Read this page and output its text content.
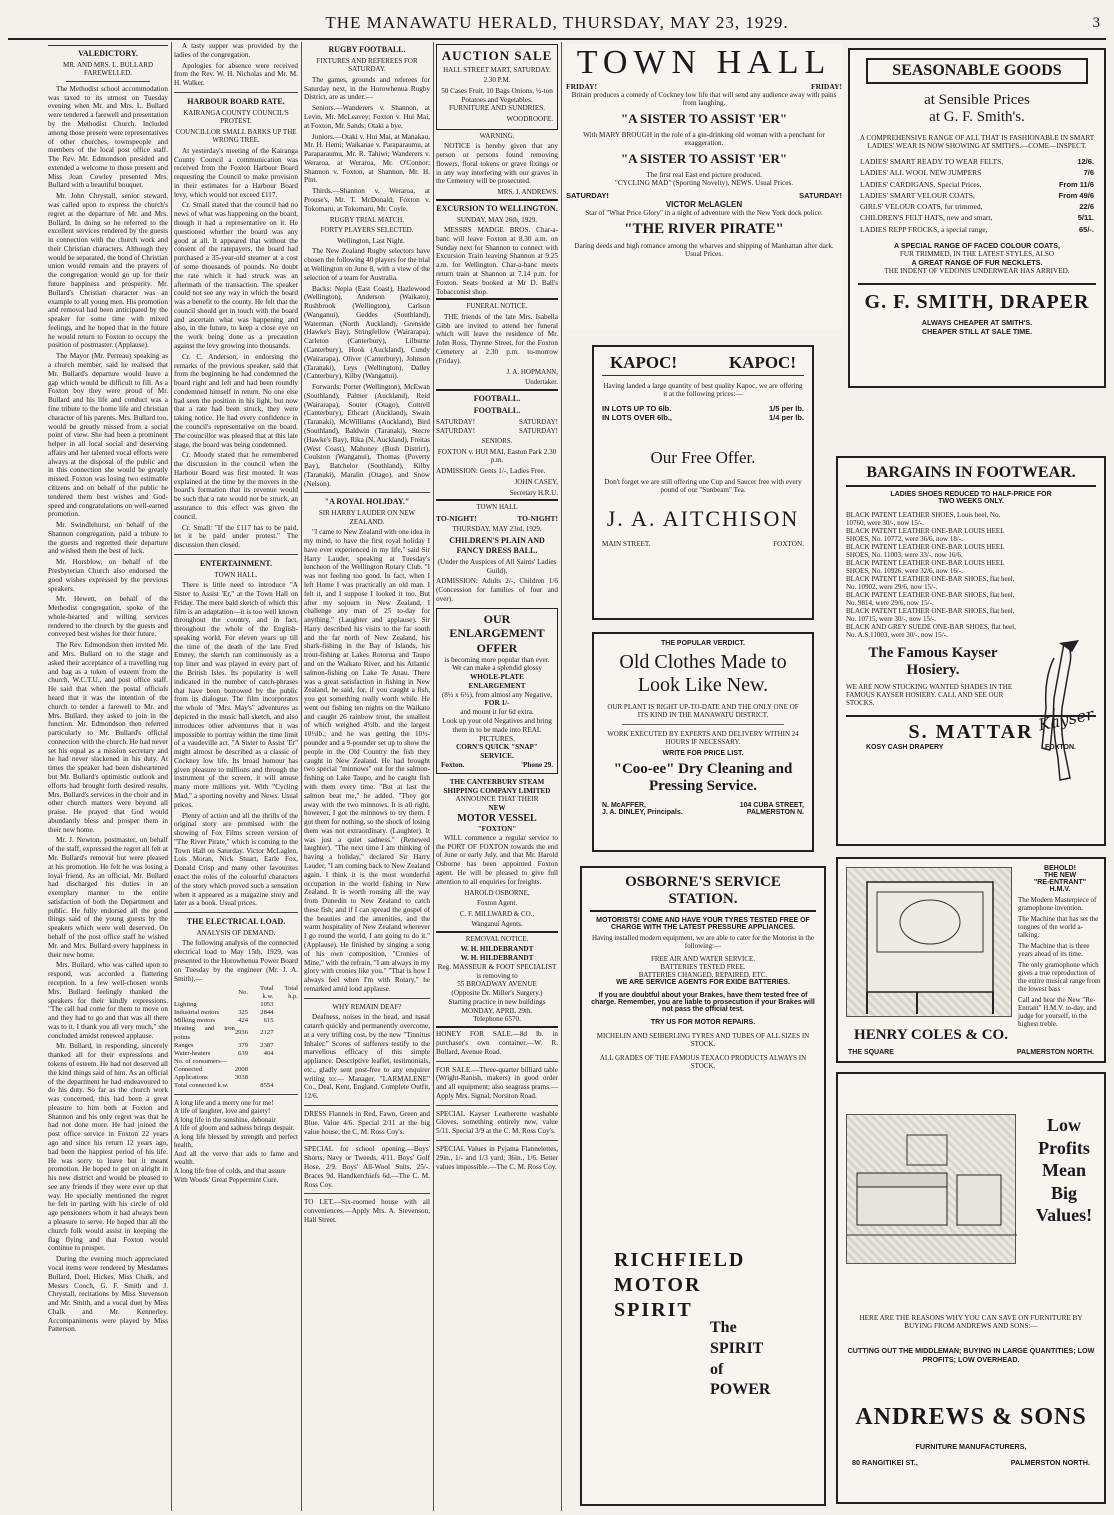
THE MANAWATU HERALD, THURSDAY, MAY 23, 1929.	3
VALEDICTORY.
MR. AND MRS. L. BULLARD FAREWELLED.

The Methodist school accommodation was taxed to its utmost on Tuesday evening when Mr. and Mrs. L. Bullard were tendered a farewell and presentation by the Methodist Church. Included among those present were representatives of other churches, townspeople and members of the local post office staff. The Rev. Mr. Edmondson presided and extended a welcome to those present and Miss Joan Cowley presented Mrs. Bullard with a beautiful bouquet.

Mr. John Chrystall, senior steward, was called upon to express the church's regret at the departure of Mr. and Mrs. Bullard. In doing so he referred to the excellent services rendered by the guests in connection with the church work and their Christian characters. Although they would be separated, the bond of Christian union would remain and the prayers of the congregation would go up for their future happiness and prosperity. Mr. Bullard's Christian character was an example to all young men. His promotion and removal had been anticipated by the speaker for some time with mixed feelings, and he hoped that in the future he would return to Foxton to occupy the position of postmaster. (Applause).

The Mayor (Mr. Perreau) speaking as a church member, said he realised that Mr. Bullard's departure would leave a gap which would be difficult to fill. As a Foxton boy they were proud of Mr. Bullard and his life and conduct was a fine tribute to the home life and christian character of his parents. Mrs. Bullard too, would be greatly missed from a social point of view. She had been a prominent helper in all local social and deserving affairs and her talented vocal efforts were always at the disposal of the public and in this connection she would be greatly missed. Foxton was losing two estimable citizens and on behalf of the public he tendered them best wishes and God-speed and congratulations on well-earned promotion.

Mr. Swindlehurst, on behalf of the Shannon congregation, paid a tribute to the guests and regretted their departure and wished them the best of luck.

Mr. Horsblow, on behalf of the Presbyterian Church also endorsed the good wishes expressed by the previous speakers.

Mr. Hewett, on behalf of the Methodist congregation, spoke of the whole-hearted and willing services rendered to the church by the guests and conveyed best wishes for their future.

The Rev. Edmondson then invited Mr. and Mrs. Bullard on to the stage and asked their acceptance of a travelling rug and bag as a token of esteem from the church, W.C.T.U., and post office staff. He said that when the postal officials heard that it was the intention of the church to tender a farewell to Mr. and Mrs. Bullard, they asked to join in the function. Mr. Edmondson then referred particularly to Mr. Bullard's official connection with the church. He had never set his equal as a mission secretary and he had never slackened in his duty. At times the speaker had been disheartened but Mr. Bullard's optimistic outlook and efforts had brought forth desired results. Mrs. Bullard's services in the choir and in other church matters were beyond all praise. He prayed that God would abundantly bless and prosper them in their new home.

Mr. J. Newton, postmaster, on behalf of the staff, expressed the regret all felt at Mr. Bullard's removal but were pleased at his promotion. He felt he was losing a loyal friend. As an official, Mr. Bullard had discharged his duties in an exemplary manner to the entire satisfaction of both the Department and public. He fully endorsed all the good things said of the young guests by the speakers which were well deserved. On behalf of the post office staff he wished Mr. and Mrs. Bullard every happiness in their new home.

Mrs. Bullard, who was called upon to respond, was accorded a flattering reception. In a few well-chosen words Mrs. Bullard feelingly thanked the speakers for their kindly expressions. "The call had come for them to move on and they had to go and that was all there was to it. I thank you all very much," she concluded amidst renewed applause.

Mr. Bullard, in responding, sincerely thanked all for their expressions and tokens of esteem. He had not deserved all the kind things said of him. As an official of the department he had endeavoured to do his duty. So far as the church work was concerned, this had been a great pleasure to him both at Foxton and Shannon and his only regret was that he had not done more. He had joined the post office service in Foxton 22 years ago and since his return 12 years ago, had been the happiest period of his life. He was sorry to leave but it meant promotion. He hoped to get on alright in his new district and would be pleased to see any friends if they were ever up that way. He specially mentioned the regret he felt in parting with his circle of old age pensioners whom it had always been a pleasure to serve. He hoped that all the church folk would assist in keeping the flag flying and that Foxton would continue to prosper.

During the evening much appreciated vocal items were rendered by Mesdames Bullard, Doel, Hickes, Miss Chalk, and Messrs Cooch, G. F. Smith and J. Chrystall, recitations by Miss Stevenson and Mr. Smith, and a vocal duet by Miss Chalk and Mr. Kennerley. Accompaniments were played by Miss Patterson.

A tasty supper was provided by the ladies of the congregation.

Apologies for absence were received from the Rev. W. H. Nicholas and Mr. M. H. Walker.

HARBOUR BOARD RATE.
KAIRANGA COUNTY COUNCIL'S PROTEST.
COUNCILLOR SMALL BARKS UP THE WRONG TREE.

At yesterday's meeting of the Kairanga County Council a communication was received from the Foxton Harbour Board requesting the Council to make provision in their estimates for a Harbour Board levy, which would not exceed £117.

Cr. Small stated that the council had no news of what was happening on the board, though it had a representative on it. He questioned whether the board was any good at all. It appeared that without the consent of the ratepayers, the board had purchased a 35-year-old steamer at a cost of some thousands of pounds. No doubt the rate which it had struck was an aftermath of the transaction. The speaker could not see any way in which the board was a benefit to the county. He felt that the council should get in touch with the board and ascertain what was happening and also, in the future, to keep a close eye on the work being done as a precaution against the levy growing into thousands.

Cr. C. Anderson, in endorsing the remarks of the previous speaker, said that from the beginning he had condemned the board right and left and had been roundly condemned himself in return. No one else had seen the position in his light, but now that a rate had been struck, they were taking notice. He had every confidence in the council's representative on the board. The councillor was pleased that at this late stage, the board was being condemned.

Cr. Moody stated that he remembered the discussion in the council when the Harbour Board was first mooted. It was explained at the time by the movers in the board's formation that its revenue would be such that a rate would not be struck, an assurance to this effect was given the council.

Cr. Small: "If the £117 has to be paid, let it be paid under protest." The discussion then closed.

ENTERTAINMENT.
TOWN HALL.

There is little need to introduce "A Sister to Assist 'Er," at the Town Hall on Friday. The mere bald sketch of which this film is an adaptation—it is too well known throughout the country, and in fact, throughout the whole of the English-speaking world. For eleven years up till the time of the death of the late Fred Emney, the sketch ran continuously as a top liner and was played in every part of the British Isles. Its popularity is well indicated in the number of catch-phrases that have been borrowed by the public from its dialogue. The film incorporates the whole of "Mrs. May's" adventures as depicted in the music hall sketch, and also introduces other adventures that it was impossible to portray within the time limit of a vaudeville act. "A Sister to Assist 'Er" might almost be described as a classic of Cockney low life. Its broad humour has given pleasure to millions and through the instrument of the screen, it will amuse many more millions yet. With "Cycling Mad," a sporting novelty and News. Usual prices.

Plenty of action and all the thrills of the original story are promised with the showing of Fox Films screen version of "The River Pirate," which is coming to the Town Hall on Saturday. Victor McLaglen, Lois Moran, Nick Stuart, Earle Fox, Donald Crisp and many other favourites enact the roles of the colourful characters of the story which proved such a sensation when it appeared as a magazine story and later as a book. Usual prices.

THE ELECTRICAL LOAD.
ANALYSIS OF DEMAND.

The following analysis of the connected electrical load to May 15th, 1929, was presented to the Horowhenua Power Board on Tuesday by the engineer (Mr. J. A. Smith).—

	No.	Total k.w.	Total h.p.
Lighting		1053	
Industrial motors	325	2844	
Milking motors	424	615	
Heating and iron points	2936	2127	
Ranges	379	2387	
Water-heaters	639	404	
No. of consumers—			
Connected	2008		
Applications	3038		
Total connected k.w.		8554	
A long life and a merry one for me!
A life of laughter, love and gaiety!
A long life in the sunshine, debonair
A life of gloom and sadness brings despair.
A long life blessed by strength and perfect health,
And all the verve that aids to fame and wealth.
A long life free of colds, and that assure
With Woods' Great Peppermint Cure.
RUGBY FOOTBALL.
FIXTURES AND REFEREES FOR SATURDAY.

The games, grounds and referees for Saturday next, in the Horowhenua Rugby District, are as under:—

Seniors.—Wanderers v. Shannon, at Levin, Mr. McLeavey; Foxton v. Hui Mai, at Foxton, Mr. Sands; Otaki a bye.

Juniors.—Otaki v. Hui Mai, at Manakau, Mr. H. Hemi; Waikanae v. Paraparaumu, at Paraparaumu, Mr. R. Tahiwi; Wanderers v. Weraroa, at Weraroa, Mr. O'Connor; Shannon v. Foxton, at Shannon, Mr. H. Pint.

Thirds.—Shannon v. Weraroa, at Prouse's, Mr. T. McDonald; Foxton v. Tokomaru, at Tokomaru, Mr. Coyle.

RUGBY TRIAL MATCH.
FORTY PLAYERS SELECTED.

Wellington, Last Night.

The New Zealand Rugby selectors have chosen the following 40 players for the trial at Wellington on June 8, with a view of the selection of a team for Australia.

Backs: Nepia (East Coast), Hazlewood (Wellington), Anderson (Waikato), Rushbrook (Wellington), Carlson (Wanganui), Geddes (Southland), Waterman (North Auckland), Grenside (Hawke's Bay), Stringfellow (Wairarapa), Carleton (Canterbury), Lilburne (Canterbury), Hook (Auckland), Cundy (Wairarapa), Oliver (Canterbury), Johnson (Taranaki), Leys (Wellington), Dalley (Canterbury), Kilby (Wanganui).

Forwards: Porter (Wellington), McEwan (Southland), Palmer (Auckland), Reid (Wairarapa), Souter (Otago), Cottrell (Canterbury), Ethcart (Auckland), Swain (Taranaki), McWilliams (Auckland), Bird (Southland), Baldwin (Taranaki), Stecre (Hawke's Bay), Rika (N. Auckland), Freitas (West Coast), Mahoney (Bush District), Coulston (Wanganui), Thomas (Poverty Bay), Batchelor (Southland), Kilby (Taranaki), Maralin (Otago), and Snow (Nelson).

"A ROYAL HOLIDAY."
SIR HARRY LAUDER ON NEW ZEALAND.

"I came to New Zealand with one idea in my mind, to have the first royal holiday I have ever experienced in my life," said Sir Harry Lauder, speaking at Tuesday's luncheon of the Wellington Rotary Club. "I was not feeling too good. In fact, when I left Home I was practically an old man. I felt it, and I suppose I looked it too. But after my sojourn in New Zealand, I challenge any man of 25 to-day for anything." (Laughter and applause). Sir Harry described his visits to the far south and the far north of New Zealand, his shark-fishing in the Bay of Islands, his trout-fishing at Lakes Rotorua and Taupo and on the Waikato River, and his Atlantic salmon-fishing on Lake Te Anau. There was a great satisfaction in fishing in New Zealand, he said, for, if you caught a fish, you got something really worth while. He went out fishing ten nights on the Waikato and caught 26 rainbow trout, the smallest of which weighed 4½lb. and the largest 10½lb.; and he was getting the 10½-pounder and a 9-pounder set up to show the people in the Old Country the fish they caught in New Zealand. He had brought two special "minnows" out for the salmon-fishing on Lake Taupo, and he caught fish with them every time. "But at last the salmon beat me," he added. "They got away with the two minnows. It is all right, however, I got the minnows to try them. I got them for nothing, so the shock of losing them was not extraordinary. (Laughter). It was just a quiet sadness." (Renewed laughter). "The next time I am thinking of having a holiday," declared Sir Harry Lauder, "I am coming back to New Zealand again. I think it is the most wonderful occupation in the world fishing in New Zealand. It is worth rousing all the way from Dunedin to New Zealand to catch these fish; and if I can spread the gospel of the beauties and the amenities, and the warm hospitality of New Zealand wherever I go round the world, I am going to do it." (Applause). He finished by singing a song of his own composition, "Cronies of Mine," with the refrain, "I am always in my glory with cronies like you." "That is how I always feel when I'm with Rotary," he remarked amid loud applause.

WHY REMAIN DEAF?

Deafness, noises in the head, and nasal catarrh quickly and permanently overcome, at a very trifling cost, by the new "Tinnitus Inhaler." Scores of sufferers testify to the marvellous efficacy of this simple appliance. Descriptive leaflet, testimonials, etc., gladly sent post-free to any enquirer writing to:— Manager, "LARMALENE" Co., Deal, Kent, England. Complete Outfit, 12/6.

DRESS Flannels in Red, Fawn, Green and Blue. Value 4/6. Special 2/11 at the big value house, the C. M. Ross Coy's.

SPECIAL for school opening.—Boys' Shorts, Navy or Tweeds, 4/11. Boys' Golf Hose, 2/9. Boys' All-Wool Suits, 25/-. Braces 9d. Handkerchiefs 6d.—The C. M. Ross Coy.

TO LET.—Six-roomed house with all conveniences.—Apply Mrs. A. Stevenson, Hall Street.

AUCTION SALE
HALL STREET MART, SATURDAY.
2.30 P.M.

50 Cases Fruit, 10 Bags Onions, ½-ton Potatoes and Vegetables. FURNITURE AND SUNDRIES.

WOODROOFE.
WARNING.

NOTICE is hereby given that any person or persons found removing flowers, floral tokens or grave fixings or in any way interfering with our graves in the Cemetery will be prosecuted.

MRS. J. ANDREWS.
EXCURSION TO WELLINGTON.
SUNDAY, MAY 26th, 1929.

MESSRS MADGE BROS. Char-a-banc will leave Foxton at 8.30 a.m. on Sunday next for Shannon to connect with Excursion Train leaving Shannon at 9.25 a.m. for Wellington. Char-a-banc meets return train at Shannon at 7.14 p.m. for Foxton. Seats booked at Mr D. Ball's Tobacconist shop.

FUNERAL NOTICE.

THE friends of the late Mrs. Isabella Gibb are invited to attend her funeral which will leave the residence of Mr. John Ross, Thynne Street, for the Foxton Cemetery at 2.30 p.m. to-morrow (Friday).

J. A. HOPMANN,
Undertaker.
FOOTBALL.
FOOTBALL.
SATURDAY!	SATURDAY!
SATURDAY!	SATURDAY!
SENIORS.

FOXTON v. HUI MAI, Easton Park 2.30 p.m.

ADMISSION: Gents 1/-, Ladies Free.

JOHN CASEY,
Secretary H.R.U.
TOWN HALL
TO-NIGHT!	TO-NIGHT!
THURSDAY, MAY 23rd, 1929.
CHILDREN'S PLAIN AND FANCY DRESS BALL.

(Under the Auspices of All Saints' Ladies Guild).

ADMISSION: Adults 2/-, Children 1/6 (Concession for families of four and over).

OUR
ENLARGEMENT
OFFER
is becoming more popular than ever.
We can make a splendid glossy
WHOLE-PLATE ENLARGEMENT
(8½ x 6½), from almost any Negative,
FOR 1/-
and mount it for 6d extra.
Look up your old Negatives and bring them in to be made into REAL PICTURES.
CORN'S QUICK "SNAP" SERVICE.
Foxton.	'Phone 29.
THE CANTERBURY STEAM
SHIPPING COMPANY LIMITED
ANNOUNCE THAT THEIR
NEW
MOTOR VESSEL
"FOXTON"

WILL commence a regular service to the PORT OF FOXTON towards the end of June or early July, and that Mr. Harold Osborne has been appointed Foxton agent. He will be pleased to give full attention to all enquiries for freights.

HAROLD OSBORNE,
Foxton Agent.
C. F. MILLWARD & CO.,
Wanganui Agents.
REMOVAL NOTICE.
W. H. HILDEBRANDT
W. H. HILDEBRANDT
Reg. MASSEUR & FOOT SPECIALIST
is removing to
55 BROADWAY AVENUE
(Opposite Dr. Miller's Surgery.)
Starting practice in new buildings
MONDAY, APRIL 29th.
Telephone 6570.

HONEY FOR SALE.—8d lb. in purchaser's own container.—W. R. Bullard, Avenue Road.

FOR SALE.—Three-quarter billiard table (Wright-Ranish, makers) in good order and all equipment; also seagrass prams.—Apply Mrs. Signal, Norsiton Road.

SPECIAL Kayser Leatherette washable Gloves, something entirely new, value 5/11. Special 3/9 at the C. M. Ross Coy's.

SPECIAL Values in Pyjama Flannelettes, 29in., 1/- and 1/3 yard; 36in., 1/6. Better values impossible.—The C. M. Ross Coy.

TOWN HALL
FRIDAY!	FRIDAY!
Britain produces a comedy of Cockney low life that will send any audience away with pains from laughing.
"A SISTER TO ASSIST 'ER"
With MARY BROUGH in the role of a gin-drinking old woman with a penchant for exaggeration.
"A SISTER TO ASSIST 'ER"
The first real East end picture produced.
"CYCLING MAD" (Sporting Novelty), NEWS. Usual Prices.
SATURDAY!	SATURDAY!
VICTOR McLAGLEN
Star of "What Price Glory" in a night of adventure with the New York dock police.
"THE RIVER PIRATE"
Daring deeds and high romance among the wharves and shipping of Manhattan after dark.
Usual Prices.
KAPOC!	KAPOC!
Having landed a large quantity of best quality Kapoc, we are offering it at the following prices:—
IN LOTS UP TO 6lb.	1/5 per lb.
IN LOTS OVER 6lb.,	1/4 per lb.
Our Free Offer.
Don't forget we are still offering one Cup and Saucer free with every pound of our "Sunbeam" Tea.
J. A. AITCHISON
MAIN STREET.	FOXTON.
THE POPULAR VERDICT.
Old Clothes Made to
Look Like New.
OUR PLANT IS RIGHT UP-TO-DATE AND THE ONLY ONE OF ITS KIND IN THE MANAWATU DISTRICT.
WORK EXECUTED BY EXPERTS AND DELIVERY WITHIN 24 HOURS IF NECESSARY.
WRITE FOR PRICE LIST.
"Coo-ee" Dry Cleaning and Pressing Service.
N. McAFFER,	104 CUBA STREET,
J. A. DINLEY, Principals.	PALMERSTON N.
OSBORNE'S SERVICE STATION.
MOTORISTS! COME AND HAVE YOUR TYRES TESTED FREE OF CHARGE WITH THE LATEST PRESSURE APPLIANCES.
Having installed modern equipment, we are able to cater for the Motorist in the following:—
FREE AIR AND WATER SERVICE.
BATTERIES TESTED FREE.
BATTERIES CHANGED, REPAIRED, ETC.
WE ARE SERVICE AGENTS FOR EXIDE BATTERIES.
If you are doubtful about your Brakes, have them tested free of charge. Remember, you are liable to prosecution if your Brakes will not pass the official test.
TRY US FOR MOTOR REPAIRS.
MICHELIN AND SEIBERLING TYRES AND TUBES OF ALL SIZES IN STOCK.
ALL GRADES OF THE FAMOUS TEXACO PRODUCTS ALWAYS IN STOCK.
RICHFIELD
MOTOR
SPIRIT
The
SPIRIT
of
POWER
SEASONABLE GOODS
at Sensible Prices
at G. F. Smith's.
A COMPREHENSIVE RANGE OF ALL THAT IS FASHIONABLE IN SMART LADIES' WEAR IS NOW SHOWING AT SMITH'S.—COME—INSPECT.
LADIES' SMART READY TO WEAR FELTS,	12/6.
LADIES' ALL WOOL NEW JUMPERS	7/6
LADIES' CARDIGANS, Special Prices,	From 11/6
LADIES' SMART VELOUR COATS,	From 49/6
GIRLS' VELOUR COATS, fur trimmed,	22/6
CHILDREN'S FELT HATS, new and smart,	5/11.
LADIES REPP FROCKS, a special range,	65/-.
A SPECIAL RANGE OF FACED COLOUR COATS,
FUR TRIMMED, IN THE LATEST STYLES, ALSO
A GREAT RANGE OF FUR NECKLETS.
THE INDENT OF VEDONIS UNDERWEAR HAS ARRIVED.
G. F. SMITH, DRAPER
ALWAYS CHEAPER AT SMITH'S.
CHEAPER STILL AT SALE TIME.
BARGAINS IN FOOTWEAR.
LADIES SHOES REDUCED TO HALF-PRICE FOR
TWO WEEKS ONLY.
BLACK PATENT LEATHER SHOES, Louis heel, No. 10760, were 30/-, now 15/-.
BLACK PATENT LEATHER ONE-BAR LOUIS HEEL SHOES, No. 10772, were 36/6, now 18/-.
BLACK PATENT LEATHER ONE-BAR LOUIS HEEL SHOES, No. 11003, were 33/-, now 16/6.
BLACK PATENT LEATHER ONE-BAR LOUIS HEEL SHOES, No. 10926, were 32/6, now 16/-.
BLACK PATENT LEATHER ONE-BAR SHOES, flat heel, No. 10902, were 29/6, now 15/-.
BLACK PATENT LEATHER ONE-BAR SHOES, flat heel, No. 9814, were 29/6, now 15/-.
BLACK PATENT LEATHER ONE-BAR SHOES, flat heel, No. 10715, were 30/-, now 15/-.
BLACK AND GREY SUEDE ONE-BAR SHOES, flat heel, No. A.S.11003, were 30/-, now 15/-.
The Famous Kayser
Hosiery.
WE ARE NOW STOCKING WANTED SHADES IN THE FAMOUS KAYSER HOSIERY. CALL AND SEE OUR STOCKS.
Kayser
S. MATTAR
KOSY CASH DRAPERY	FOXTON.
BEHOLD!
THE NEW
"RE-ENTRANT"
H.M.V.
The Modern Masterpiece of gramophone invention.
The Machine that has set the tongues of the world a-talking.
The Machine that is three years ahead of its time.
The only gramophone which gives a true reproduction of the entire musical range from the lowest bass
Call and hear the New "Re-Entrant" H.M.V. to-day, and judge for yourself, to the highest treble.
HENRY COLES & CO.
THE SQUARE	PALMERSTON NORTH.
Low
Profits
Mean Big
Values!
HERE ARE THE REASONS WHY YOU CAN SAVE ON FURNITURE BY BUYING FROM ANDREWS AND SONS:—
CUTTING OUT THE MIDDLEMAN; BUYING IN LARGE QUANTITIES; LOW PROFITS; LOW OVERHEAD.
ANDREWS & SONS
FURNITURE MANUFACTURERS,
80 RANGITIKEI ST.,	PALMERSTON NORTH.
